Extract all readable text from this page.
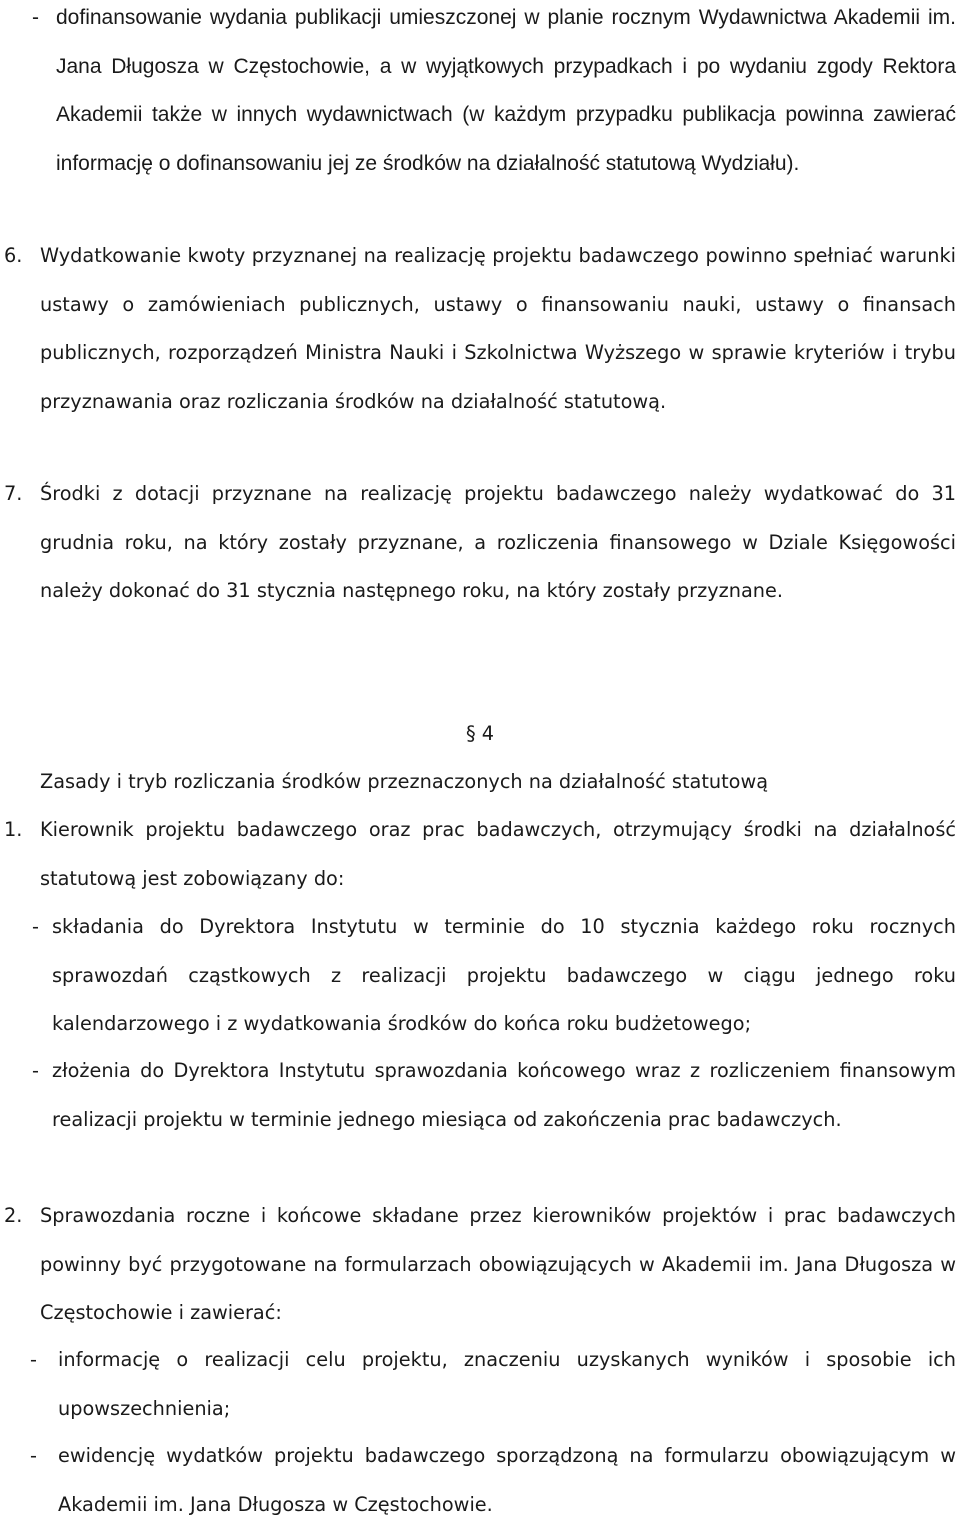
- dofinansowanie wydania publikacji umieszczonej w planie rocznym Wydawnictwa Akademii im. Jana Długosza w Częstochowie, a w wyjątkowych przypadkach i po wydaniu zgody Rektora Akademii także w innych wydawnictwach (w każdym przypadku publikacja powinna zawierać informację o dofinansowaniu jej ze środków na działalność statutową Wydziału).
6. Wydatkowanie kwoty przyznanej na realizację projektu badawczego powinno spełniać warunki ustawy o zamówieniach publicznych, ustawy o finansowaniu nauki, ustawy o finansach publicznych, rozporządzeń Ministra Nauki i Szkolnictwa Wyższego w sprawie kryteriów i trybu przyznawania oraz rozliczania środków na działalność statutową.
7. Środki z dotacji przyznane na realizację projektu badawczego należy wydatkować do 31 grudnia roku, na który zostały przyznane, a rozliczenia finansowego w Dziale Księgowości należy dokonać do 31 stycznia następnego roku, na który zostały przyznane.
§ 4
Zasady i tryb rozliczania środków przeznaczonych na działalność statutową
1. Kierownik projektu badawczego oraz prac badawczych, otrzymujący środki na działalność statutową jest zobowiązany do:
- składania do Dyrektora Instytutu w terminie do 10 stycznia każdego roku rocznych sprawozdań cząstkowych z realizacji projektu badawczego w ciągu jednego roku kalendarzowego i z wydatkowania środków do końca roku budżetowego;
- złożenia do Dyrektora Instytutu sprawozdania końcowego wraz z rozliczeniem finansowym realizacji projektu w terminie jednego miesiąca od zakończenia prac badawczych.
2. Sprawozdania roczne i końcowe składane przez kierowników projektów i prac badawczych powinny być przygotowane na formularzach obowiązujących w Akademii im. Jana Długosza w Częstochowie i zawierać:
- informację o realizacji celu projektu, znaczeniu uzyskanych wyników i sposobie ich upowszechnienia;
- ewidencję wydatków projektu badawczego sporządzoną na formularzu obowiązującym w Akademii im. Jana Długosza w Częstochowie.
